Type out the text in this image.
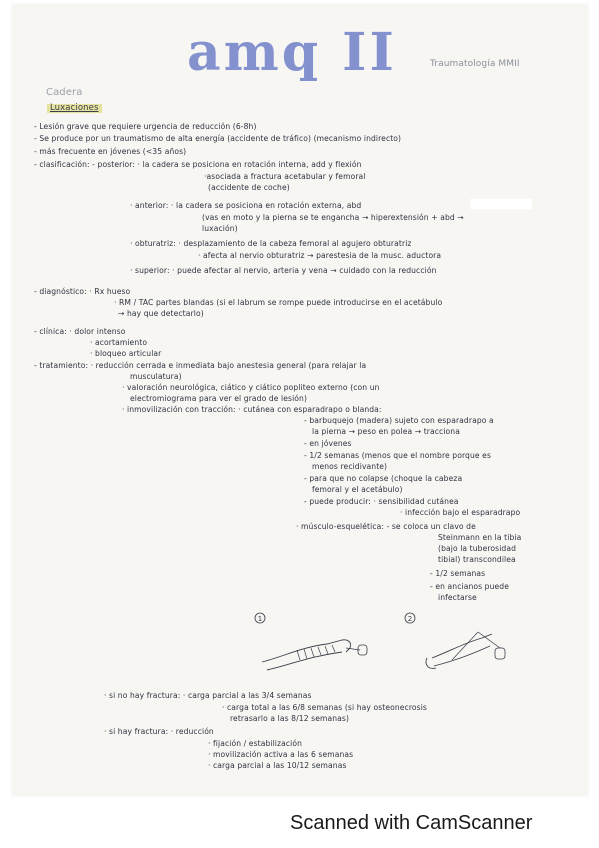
amq II	Traumatología MMII
Cadera
Luxaciones
- Lesión grave que requiere urgencia de reducción (6-8h)
- Se produce por un traumatismo de alta energía (accidente de tráfico) (mecanismo indirecto)
- más frecuente en jóvenes (<35 años)
- clasificación: - posterior: · la cadera se posiciona en rotación interna, add y flexión
·asociada a fractura acetabular y femoral
(accidente de coche)
· anterior: · la cadera se posiciona en rotación externa, abd
(vas en moto y la pierna se te engancha → hiperextensión + abd →
luxación)
· obturatriz: · desplazamiento de la cabeza femoral al agujero obturatriz
· afecta al nervio obturatriz → parestesia de la musc. aductora
· superior: · puede afectar al nervio, arteria y vena → cuidado con la reducción
- diagnóstico: · Rx hueso
· RM / TAC partes blandas (si el labrum se rompe puede introducirse en el acetábulo
→ hay que detectarlo)
- clínica: · dolor intenso
· acortamiento
· bloqueo articular
- tratamiento: · reducción cerrada e inmediata bajo anestesia general (para relajar la
musculatura)
· valoración neurológica, ciático y ciático popliteo externo (con un
electromiograma para ver el grado de lesión)
· inmovilización con tracción: · cutánea con esparadrapo o blanda:
- barbuquejo (madera) sujeto con esparadrapo a
la pierna → peso en polea → tracciona
- en jóvenes
- 1/2 semanas (menos que el nombre porque es
menos recidivante)
- para que no colapse (choque la cabeza
femoral y el acetábulo)
- puede producir: · sensibilidad cutánea
· infección bajo el esparadrapo
· músculo-esquelética: - se coloca un clavo de
Steinmann en la tibia
(bajo la tuberosidad
tibial) transcondilea
- 1/2 semanas
- en ancianos puede
infectarse
1	2
· si no hay fractura: · carga parcial a las 3/4 semanas
· carga total a las 6/8 semanas (si hay osteonecrosis
retrasarlo a las 8/12 semanas)
· si hay fractura: · reducción
· fijación / estabilización
· movilización activa a las 6 semanas
· carga parcial a las 10/12 semanas
Scanned with CamScanner
